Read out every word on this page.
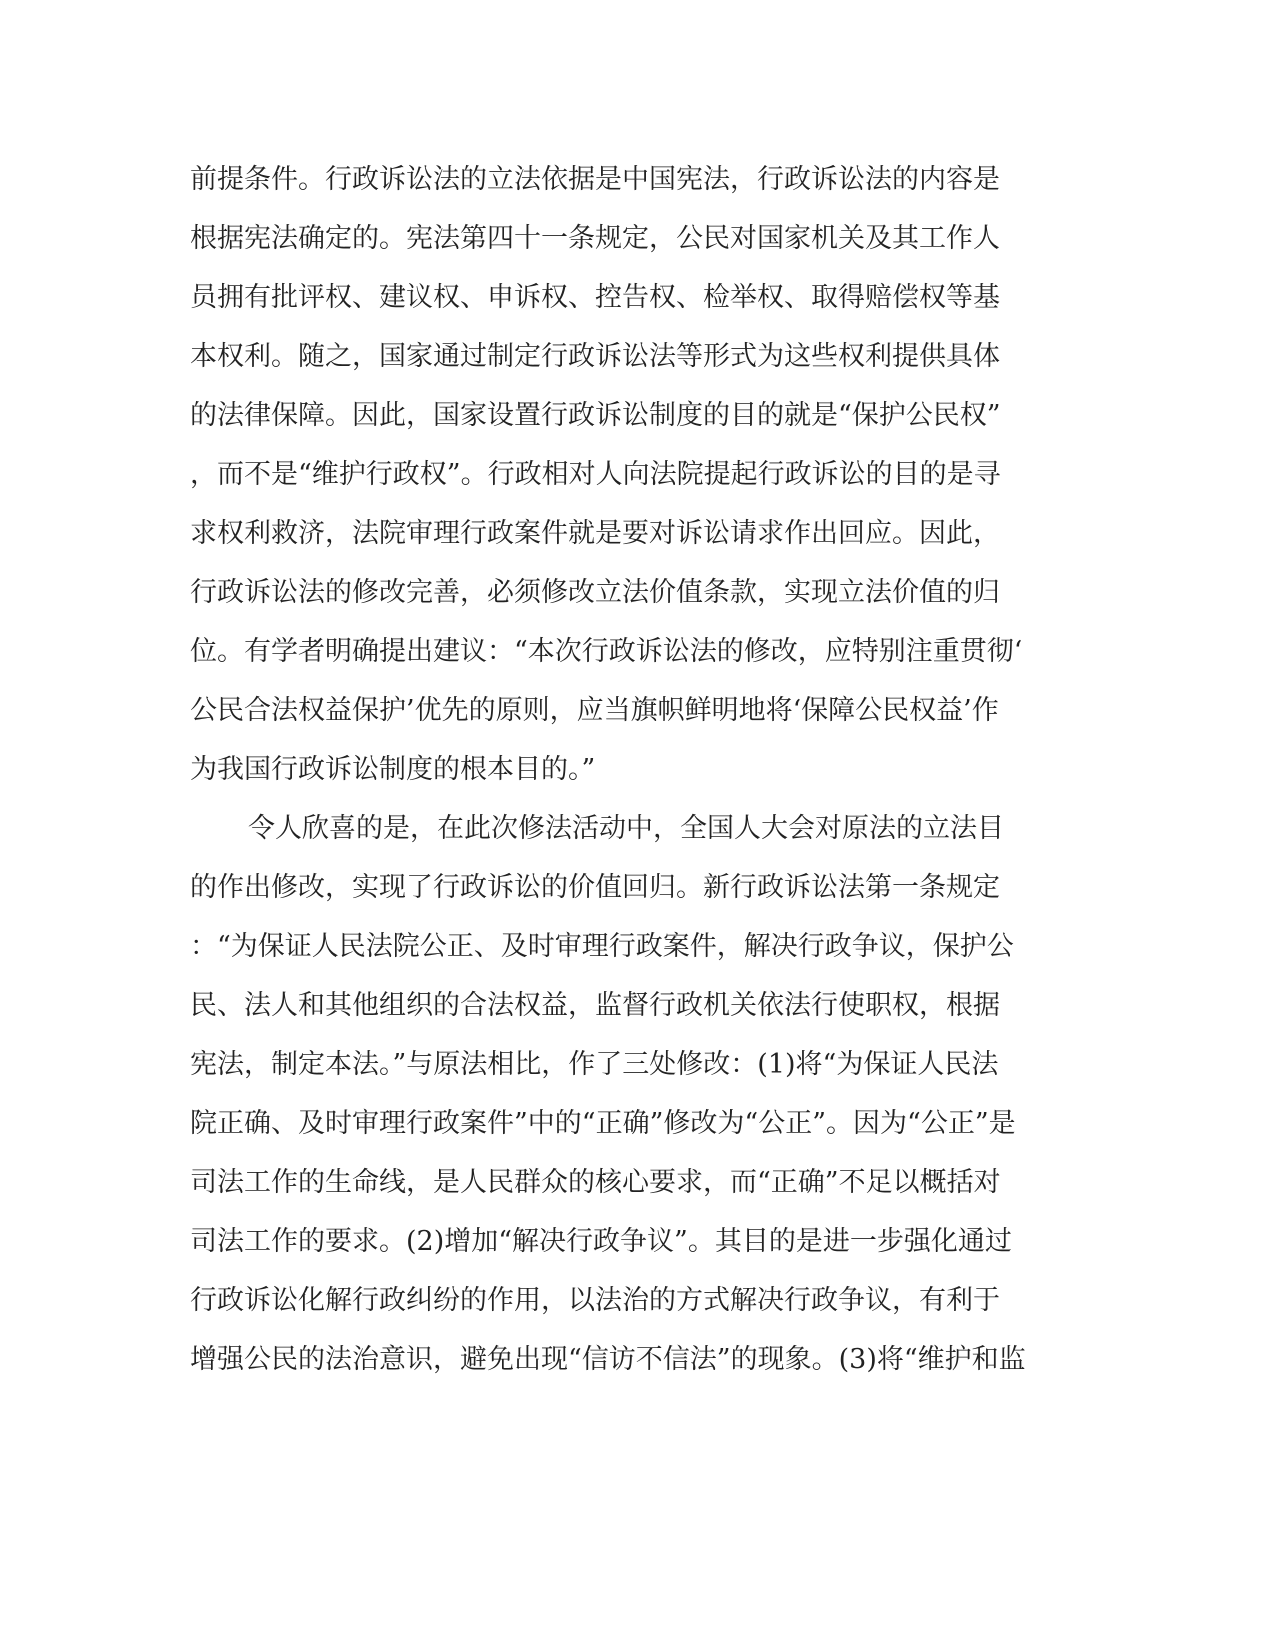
前提条件。行政诉讼法的立法依据是中国宪法，行政诉讼法的内容是
根据宪法确定的。宪法第四十一条规定，公民对国家机关及其工作人
员拥有批评权、建议权、申诉权、控告权、检举权、取得赔偿权等基
本权利。随之，国家通过制定行政诉讼法等形式为这些权利提供具体
的法律保障。因此，国家设置行政诉讼制度的目的就是“保护公民权”
，而不是“维护行政权”。行政相对人向法院提起行政诉讼的目的是寻
求权利救济，法院审理行政案件就是要对诉讼请求作出回应。因此，
行政诉讼法的修改完善，必须修改立法价值条款，实现立法价值的归
位。有学者明确提出建议：“本次行政诉讼法的修改，应特别注重贯彻‘
公民合法权益保护’优先的原则，应当旗帜鲜明地将‘保障公民权益’作
为我国行政诉讼制度的根本目的。”
令人欣喜的是，在此次修法活动中，全国人大会对原法的立法目
的作出修改，实现了行政诉讼的价值回归。新行政诉讼法第一条规定
：“为保证人民法院公正、及时审理行政案件，解决行政争议，保护公
民、法人和其他组织的合法权益，监督行政机关依法行使职权，根据
宪法，制定本法。”与原法相比，作了三处修改：(1)将“为保证人民法
院正确、及时审理行政案件”中的“正确”修改为“公正”。因为“公正”是
司法工作的生命线，是人民群众的核心要求，而“正确”不足以概括对
司法工作的要求。(2)增加“解决行政争议”。其目的是进一步强化通过
行政诉讼化解行政纠纷的作用，以法治的方式解决行政争议，有利于
增强公民的法治意识，避免出现“信访不信法”的现象。(3)将“维护和监
